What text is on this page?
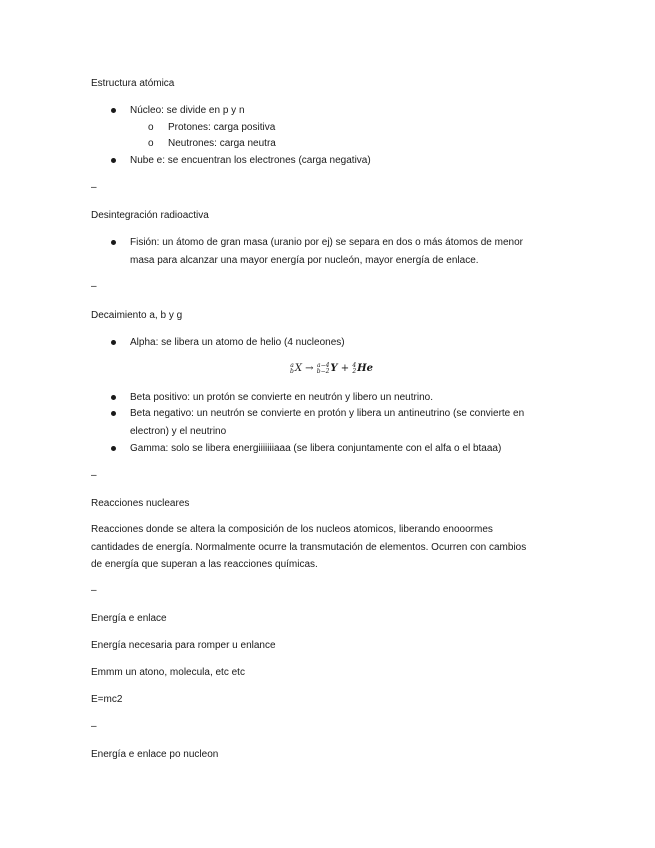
Estructura atómica
Núcleo: se divide en p y n
o Protones: carga positiva
o Neutrones: carga neutra
Nube e: se encuentran los electrones (carga negativa)
–
Desintegración radioactiva
Fisión: un átomo de gran masa (uranio por ej) se separa en dos o más átomos de menor
masa para alcanzar una mayor energía por nucleón, mayor energía de enlace.
–
Decaimiento a, b y g
Alpha: se libera un atomo de helio (4 nucleones)
a
b X → a−4
b−2 Y + 4
2 He
Beta positivo: un protón se convierte en neutrón y libero un neutrino.
Beta negativo: un neutrón se convierte en protón y libera un antineutrino (se convierte en
electron) y el neutrino
Gamma: solo se libera energiiiiiiiaaa (se libera conjuntamente con el alfa o el btaaa)
–
Reacciones nucleares
Reacciones donde se altera la composición de los nucleos atomicos, liberando enooormes
cantidades de energía. Normalmente ocurre la transmutación de elementos. Ocurren con cambios
de energía que superan a las reacciones químicas.
–
Energía e enlace
Energía necesaria para romper u enlance
Emmm un atono, molecula, etc etc
E=mc2
–
Energía e enlace po nucleon
